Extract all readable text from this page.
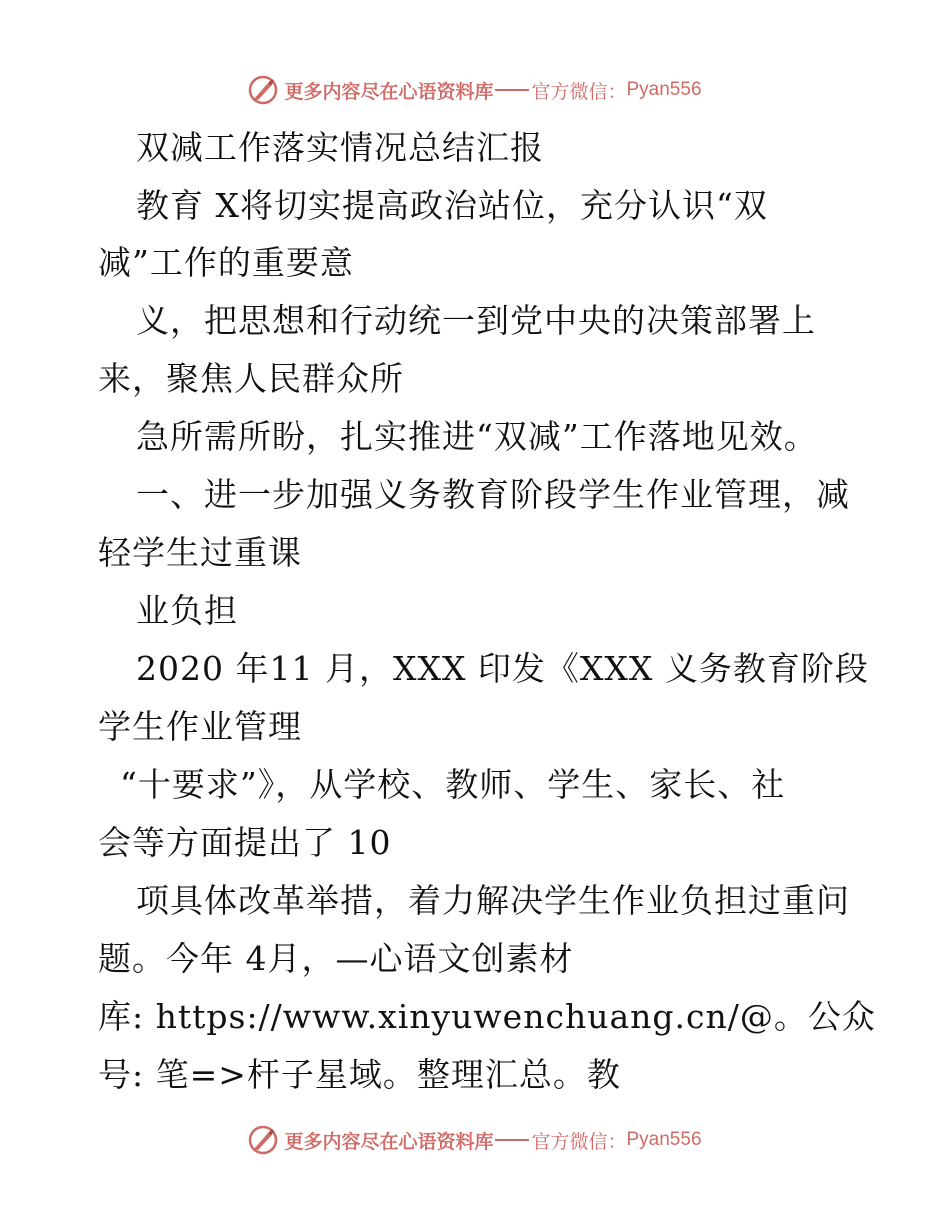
更多内容尽在心语资料库 官方微信： Pyan556
双减工作落实情况总结汇报
教育 X将切实提高政治站位，充分认识“双
减”工作的重要意
义，把思想和行动统一到党中央的决策部署上
来，聚焦人民群众所
急所需所盼，扎实推进“双减”工作落地见效。
一、进一步加强义务教育阶段学生作业管理，减
轻学生过重课
业负担
2020 年11 月，XXX 印发《XXX 义务教育阶段
学生作业管理
“十要求”》，从学校、教师、学生、家长、社
会等方面提出了 10
项具体改革举措，着力解决学生作业负担过重问
题。今年 4月，—心语文创素材
库: https://www.xinyuwenchuang.cn/@。公众
号: 笔=>杆子星域。整理汇总。教
更多内容尽在心语资料库 官方微信： Pyan556
